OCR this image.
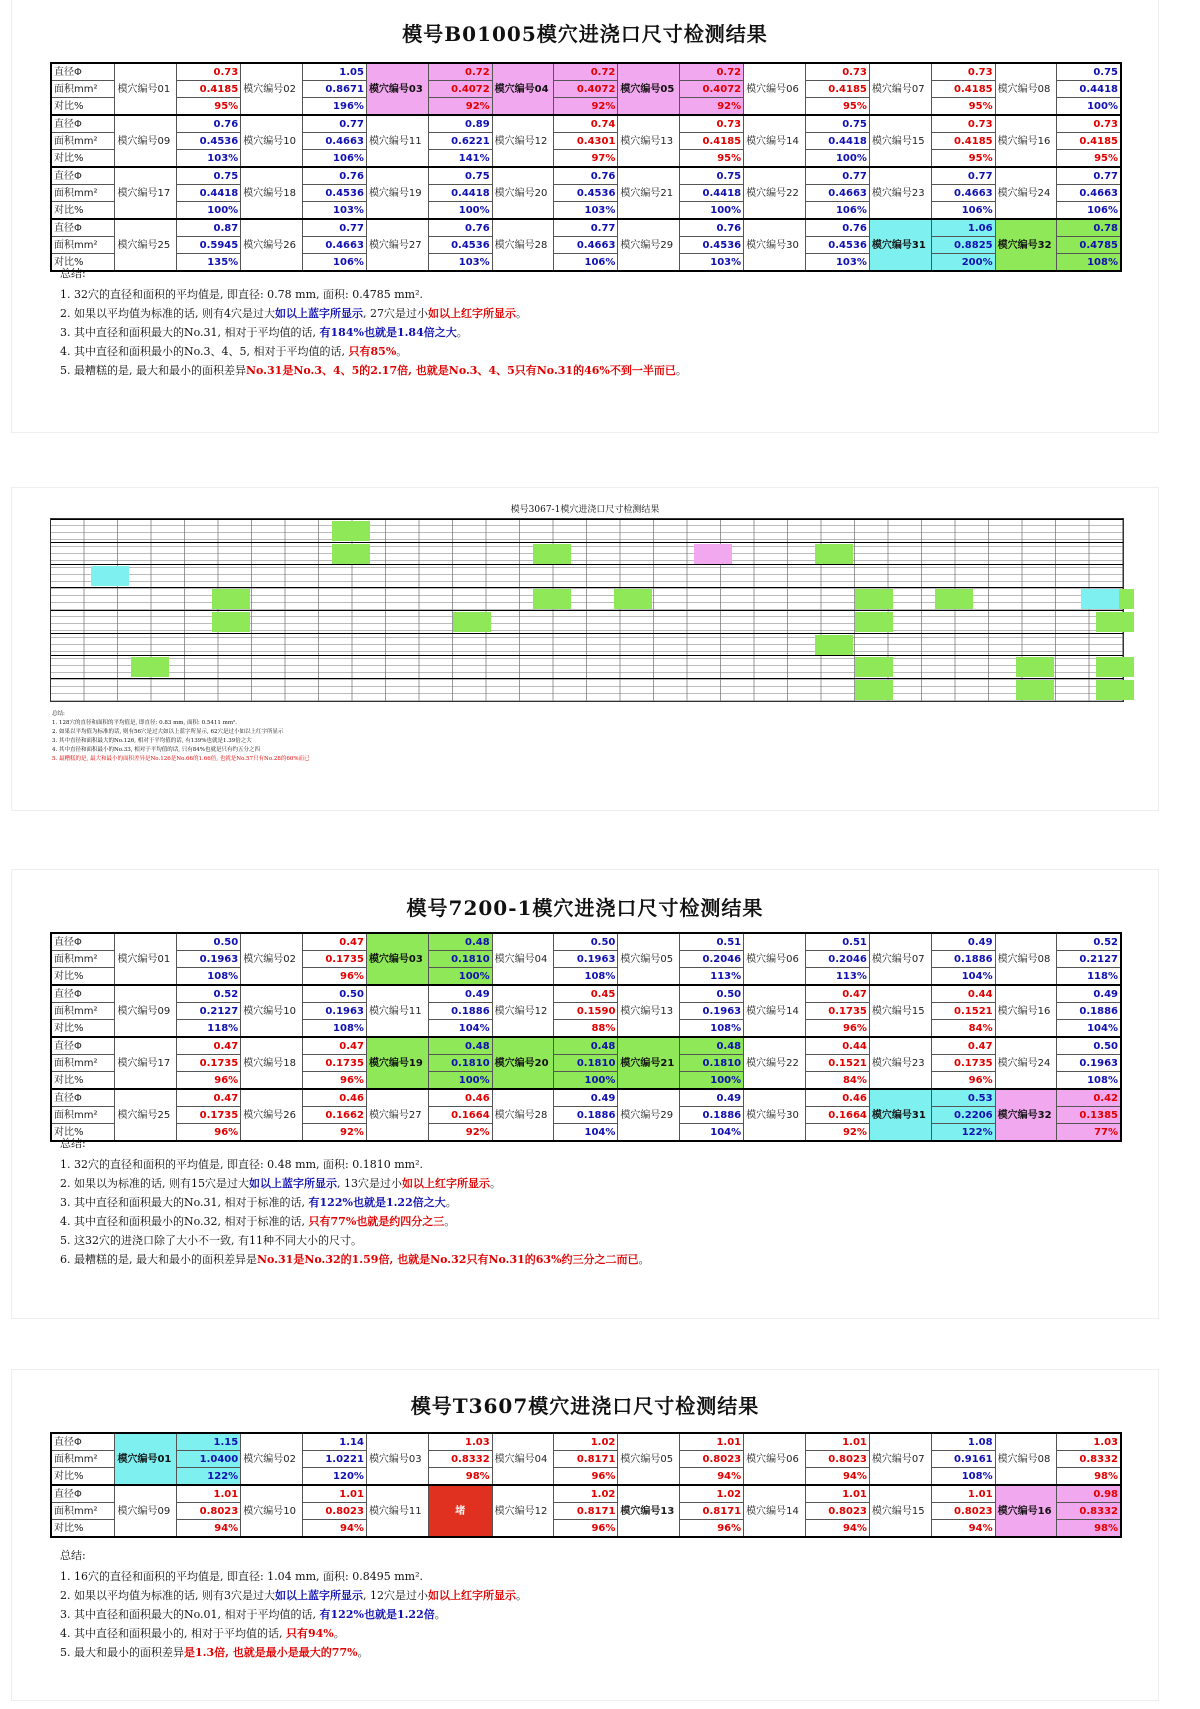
模号B01005模穴进浇口尺寸检测结果
直径Φ	模穴编号01	0.73	模穴编号02	1.05	模穴编号03	0.72	模穴编号04	0.72	模穴编号05	0.72	模穴编号06	0.73	模穴编号07	0.73	模穴编号08	0.75
面积mm²		0.4185		0.8671		0.4072		0.4072		0.4072		0.4185		0.4185		0.4418
对比%		95%		196%		92%		92%		92%		95%		95%		100%
直径Φ	模穴编号09	0.76	模穴编号10	0.77	模穴编号11	0.89	模穴编号12	0.74	模穴编号13	0.73	模穴编号14	0.75	模穴编号15	0.73	模穴编号16	0.73
面积mm²		0.4536		0.4663		0.6221		0.4301		0.4185		0.4418		0.4185		0.4185
对比%		103%		106%		141%		97%		95%		100%		95%		95%
直径Φ	模穴编号17	0.75	模穴编号18	0.76	模穴编号19	0.75	模穴编号20	0.76	模穴编号21	0.75	模穴编号22	0.77	模穴编号23	0.77	模穴编号24	0.77
面积mm²		0.4418		0.4536		0.4418		0.4536		0.4418		0.4663		0.4663		0.4663
对比%		100%		103%		100%		103%		100%		106%		106%		106%
直径Φ	模穴编号25	0.87	模穴编号26	0.77	模穴编号27	0.76	模穴编号28	0.77	模穴编号29	0.76	模穴编号30	0.76	模穴编号31	1.06	模穴编号32	0.78
面积mm²		0.5945		0.4663		0.4536		0.4663		0.4536		0.4536		0.8825		0.4785
对比%		135%		106%		103%		106%		103%		103%		200%		108%
总结:
1. 32穴的直径和面积的平均值是, 即直径: 0.78 mm, 面积: 0.4785 mm².
2. 如果以平均值为标准的话, 则有4穴是过大如以上蓝字所显示, 27穴是过小如以上红字所显示。
3. 其中直径和面积最大的No.31, 相对于平均值的话, 有184%也就是1.84倍之大。
4. 其中直径和面积最小的No.3、4、5, 相对于平均值的话, 只有85%。
5. 最糟糕的是, 最大和最小的面积差异No.31是No.3、4、5的2.17倍, 也就是No.3、4、5只有No.31的46%不到一半而已。
模号3067-1模穴进浇口尺寸检测结果
总结:
1. 128穴的直径和面积的平均值是, 即直径: 0.83 mm, 面积: 0.5411 mm².
2. 如果以平均值为标准的话, 则有56穴是过大如以上蓝字所显示, 62穴是过小如以上红字所显示
3. 其中直径和面积最大的No.126, 相对于平均值的话, 有139%也就是1.39倍之大
4. 其中直径和面积最小的No.33, 相对于平均值的话, 只有84%也就是只有约五分之四
5. 最糟糕的是, 最大和最小的面积差异是No.126是No.66的1.66倍, 也就是No.57只有No.28的60%而已
模号7200-1模穴进浇口尺寸检测结果
直径Φ	模穴编号01	0.50	模穴编号02	0.47	模穴编号03	0.48	模穴编号04	0.50	模穴编号05	0.51	模穴编号06	0.51	模穴编号07	0.49	模穴编号08	0.52
面积mm²		0.1963		0.1735		0.1810		0.1963		0.2046		0.2046		0.1886		0.2127
对比%		108%		96%		100%		108%		113%		113%		104%		118%
直径Φ	模穴编号09	0.52	模穴编号10	0.50	模穴编号11	0.49	模穴编号12	0.45	模穴编号13	0.50	模穴编号14	0.47	模穴编号15	0.44	模穴编号16	0.49
面积mm²		0.2127		0.1963		0.1886		0.1590		0.1963		0.1735		0.1521		0.1886
对比%		118%		108%		104%		88%		108%		96%		84%		104%
直径Φ	模穴编号17	0.47	模穴编号18	0.47	模穴编号19	0.48	模穴编号20	0.48	模穴编号21	0.48	模穴编号22	0.44	模穴编号23	0.47	模穴编号24	0.50
面积mm²		0.1735		0.1735		0.1810		0.1810		0.1810		0.1521		0.1735		0.1963
对比%		96%		96%		100%		100%		100%		84%		96%		108%
直径Φ	模穴编号25	0.47	模穴编号26	0.46	模穴编号27	0.46	模穴编号28	0.49	模穴编号29	0.49	模穴编号30	0.46	模穴编号31	0.53	模穴编号32	0.42
面积mm²		0.1735		0.1662		0.1664		0.1886		0.1886		0.1664		0.2206		0.1385
对比%		96%		92%		92%		104%		104%		92%		122%		77%
总结:
1. 32穴的直径和面积的平均值是, 即直径: 0.48 mm, 面积: 0.1810 mm².
2. 如果以为标准的话, 则有15穴是过大如以上蓝字所显示, 13穴是过小如以上红字所显示。
3. 其中直径和面积最大的No.31, 相对于标准的话, 有122%也就是1.22倍之大。
4. 其中直径和面积最小的No.32, 相对于标准的话, 只有77%也就是约四分之三。
5. 这32穴的进浇口除了大小不一致, 有11种不同大小的尺寸。
6. 最糟糕的是, 最大和最小的面积差异是No.31是No.32的1.59倍, 也就是No.32只有No.31的63%约三分之二而已。
模号T3607模穴进浇口尺寸检测结果
直径Φ	模穴编号01	1.15	模穴编号02	1.14	模穴编号03	1.03	模穴编号04	1.02	模穴编号05	1.01	模穴编号06	1.01	模穴编号07	1.08	模穴编号08	1.03
面积mm²		1.0400		1.0221		0.8332		0.8171		0.8023		0.8023		0.9161		0.8332
对比%		122%		120%		98%		96%		94%		94%		108%		98%
直径Φ	模穴编号09	1.01	模穴编号10	1.01	模穴编号11	堵	模穴编号12	1.02	模穴编号13	1.02	模穴编号14	1.01	模穴编号15	1.01	模穴编号16	0.98
面积mm²		0.8023		0.8023				0.8171		0.8171		0.8023		0.8023		0.8332
对比%		94%		94%				96%		96%		94%		94%		98%
总结:
1. 16穴的直径和面积的平均值是, 即直径: 1.04 mm, 面积: 0.8495 mm².
2. 如果以平均值为标准的话, 则有3穴是过大如以上蓝字所显示, 12穴是过小如以上红字所显示。
3. 其中直径和面积最大的No.01, 相对于平均值的话, 有122%也就是1.22倍。
4. 其中直径和面积最小的, 相对于平均值的话, 只有94%。
5. 最大和最小的面积差异是1.3倍, 也就是最小是最大的77%。
